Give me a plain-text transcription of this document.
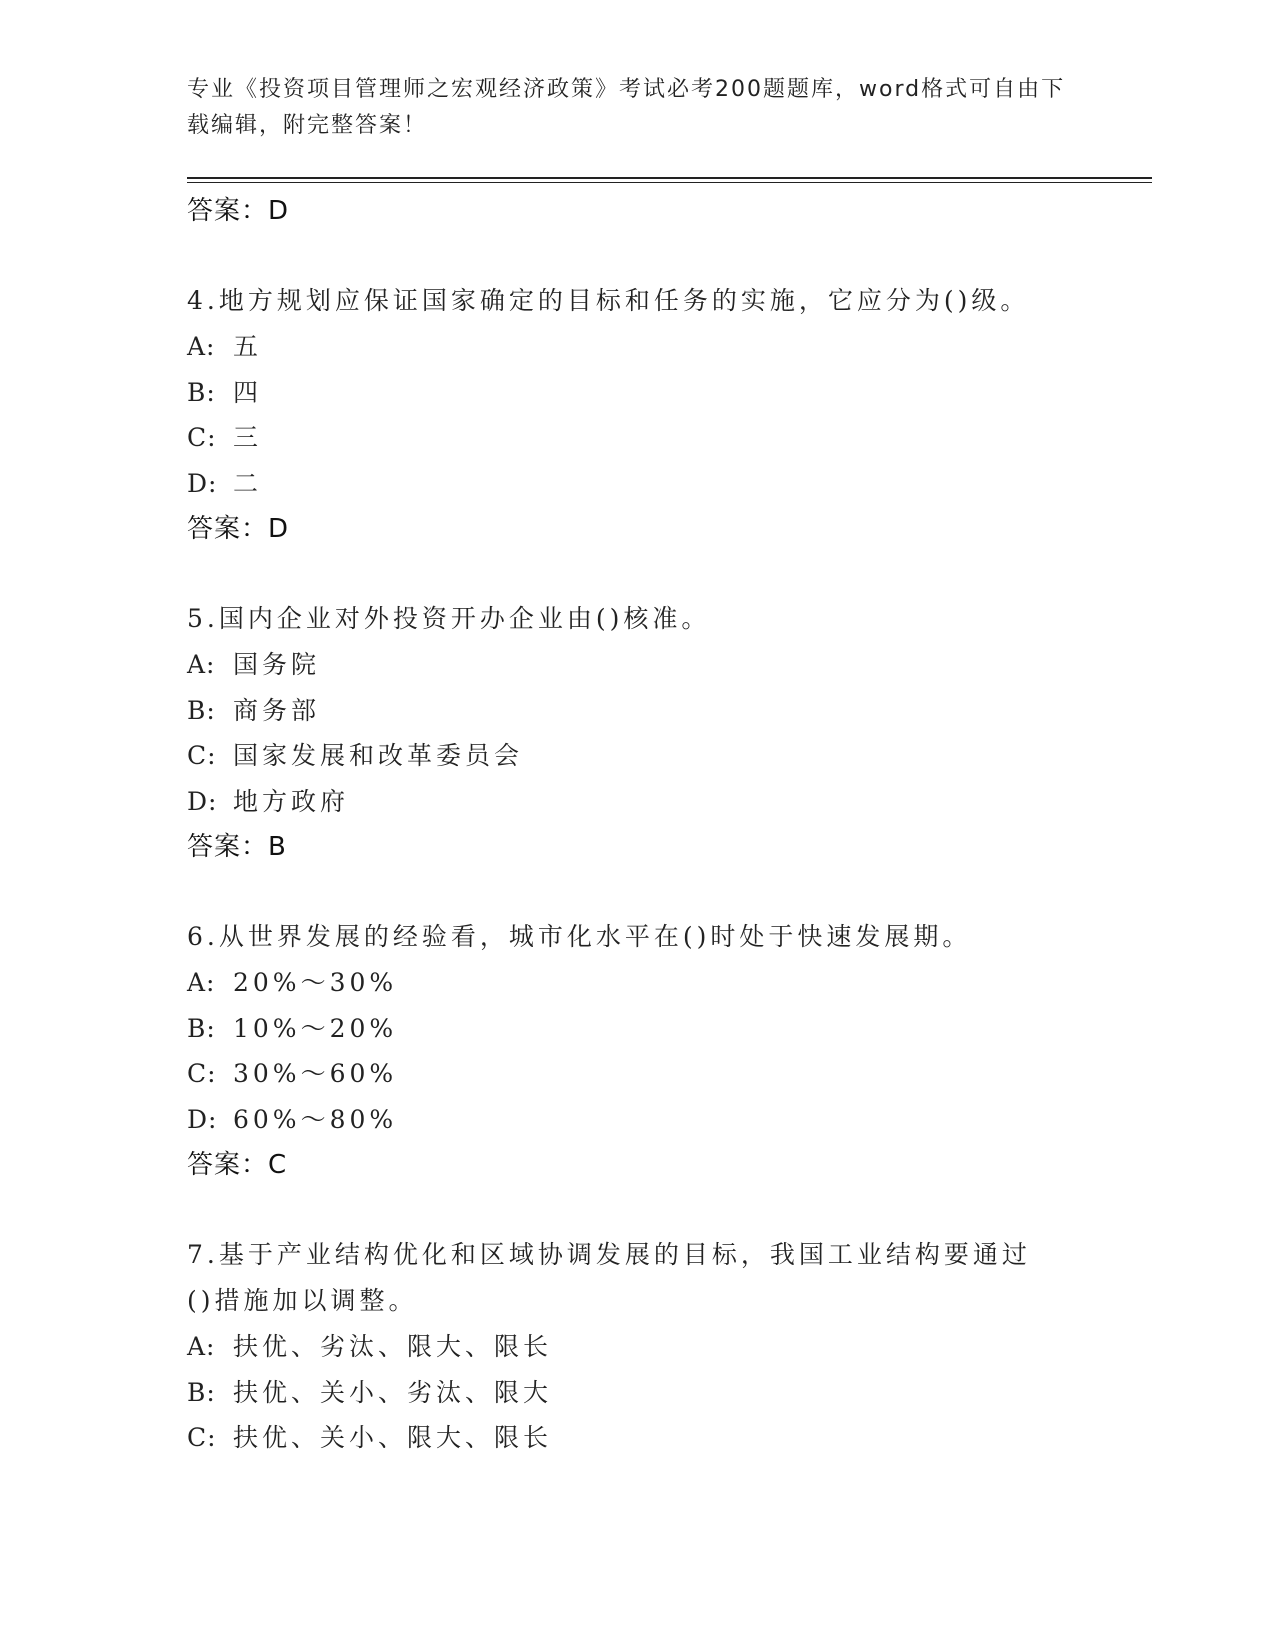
专业《投资项目管理师之宏观经济政策》考试必考200题题库，word格式可自由下载编辑，附完整答案！
答案：D
4.地方规划应保证国家确定的目标和任务的实施，它应分为()级。
A: 五
B: 四
C: 三
D: 二
答案：D
5.国内企业对外投资开办企业由()核准。
A: 国务院
B: 商务部
C: 国家发展和改革委员会
D: 地方政府
答案：B
6.从世界发展的经验看，城市化水平在()时处于快速发展期。
A: 20%～30%
B: 10%～20%
C: 30%～60%
D: 60%～80%
答案：C
7.基于产业结构优化和区域协调发展的目标，我国工业结构要通过()措施加以调整。
A: 扶优、劣汰、限大、限长
B: 扶优、关小、劣汰、限大
C: 扶优、关小、限大、限长
